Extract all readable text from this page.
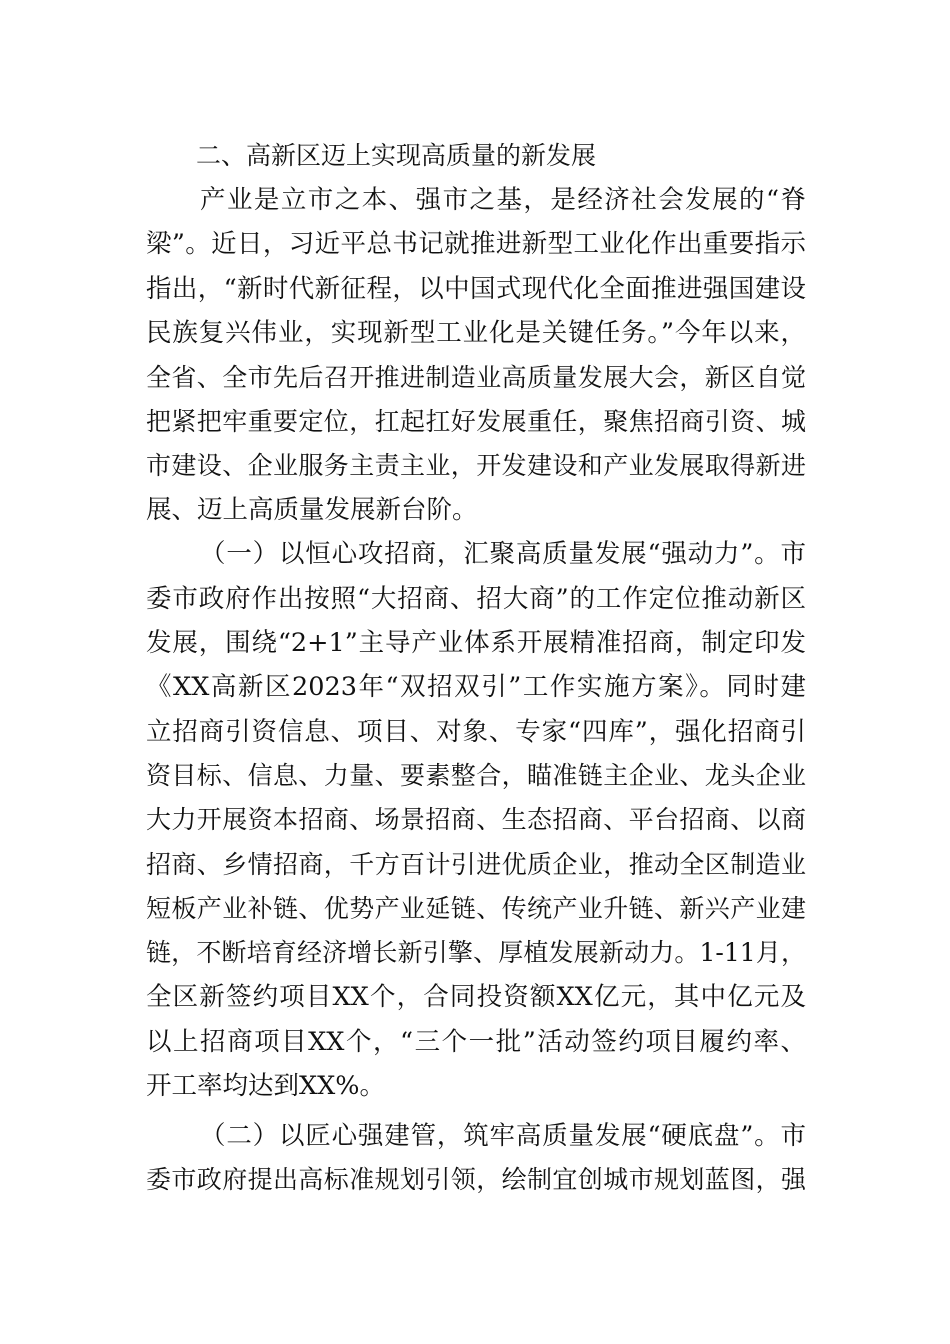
二、高新区迈上实现高质量的新发展
产业是立市之本、强市之基，是经济社会发展的“脊
梁”。近日，习近平总书记就推进新型工业化作出重要指示
指出，“新时代新征程，以中国式现代化全面推进强国建设
民族复兴伟业，实现新型工业化是关键任务。”今年以来，
全省、全市先后召开推进制造业高质量发展大会，新区自觉
把紧把牢重要定位，扛起扛好发展重任，聚焦招商引资、城
市建设、企业服务主责主业，开发建设和产业发展取得新进
展、迈上高质量发展新台阶。
（一）以恒心攻招商，汇聚高质量发展“强动力”。市
委市政府作出按照“大招商、招大商”的工作定位推动新区
发展，围绕“2+1”主导产业体系开展精准招商，制定印发
《XX高新区2023年“双招双引”工作实施方案》。同时建
立招商引资信息、项目、对象、专家“四库”，强化招商引
资目标、信息、力量、要素整合，瞄准链主企业、龙头企业
大力开展资本招商、场景招商、生态招商、平台招商、以商
招商、乡情招商，千方百计引进优质企业，推动全区制造业
短板产业补链、优势产业延链、传统产业升链、新兴产业建
链，不断培育经济增长新引擎、厚植发展新动力。1-11月，
全区新签约项目XX个，合同投资额XX亿元，其中亿元及
以上招商项目XX个，“三个一批”活动签约项目履约率、
开工率均达到XX%。
（二）以匠心强建管，筑牢高质量发展“硬底盘”。市
委市政府提出高标准规划引领，绘制宜创城市规划蓝图，强
